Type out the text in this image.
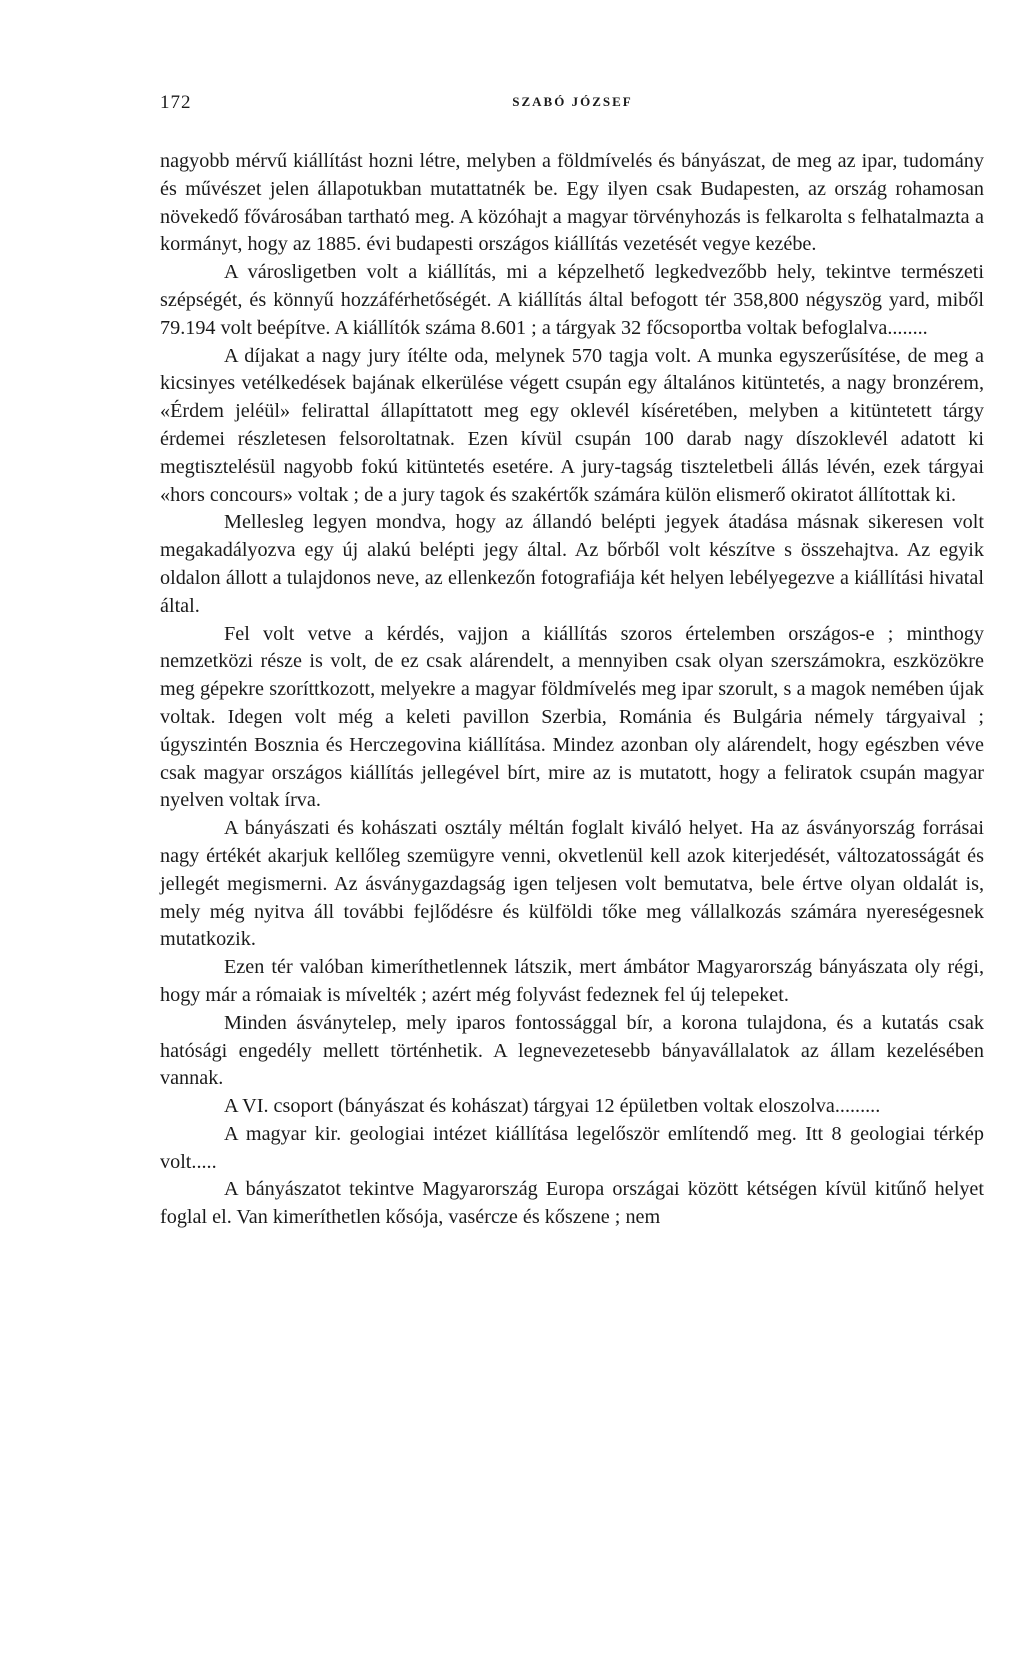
172	SZABÓ JÓZSEF

nagyobb mérvű kiállítást hozni létre, melyben a földmívelés és bányászat, de meg az ipar, tudomány és művészet jelen állapotukban mutattatnék be. Egy ilyen csak Budapesten, az ország rohamosan növekedő fővárosában tartható meg. A közóhajt a magyar törvényhozás is felkarolta s felhatalmazta a kormányt, hogy az 1885. évi budapesti országos kiállítás vezetését vegye kezébe.

A városligetben volt a kiállítás, mi a képzelhető legkedvezőbb hely, tekintve természeti szépségét, és könnyű hozzáférhetőségét. A kiállítás által befogott tér 358,800 négyszög yard, miből 79.194 volt beépítve. A kiállítók száma 8.601 ; a tárgyak 32 főcsoportba voltak befoglalva........

A díjakat a nagy jury ítélte oda, melynek 570 tagja volt. A munka egyszerűsítése, de meg a kicsinyes vetélkedések bajának elkerülése végett csupán egy általános kitüntetés, a nagy bronzérem, «Érdem jeléül» felirattal állapíttatott meg egy oklevél kíséretében, melyben a kitüntetett tárgy érdemei részletesen felsoroltatnak. Ezen kívül csupán 100 darab nagy díszoklevél adatott ki megtisztelésül nagyobb fokú kitüntetés esetére. A jury-tagság tiszteletbeli állás lévén, ezek tárgyai «hors concours» voltak ; de a jury tagok és szakértők számára külön elismerő okiratot állítottak ki.

Mellesleg legyen mondva, hogy az állandó belépti jegyek átadása másnak sikeresen volt megakadályozva egy új alakú belépti jegy által. Az bőrből volt készítve s összehajtva. Az egyik oldalon állott a tulajdonos neve, az ellenkezőn fotografiája két helyen lebélyegezve a kiállítási hivatal által.

Fel volt vetve a kérdés, vajjon a kiállítás szoros értelemben országos-e ; minthogy nemzetközi része is volt, de ez csak alárendelt, a mennyiben csak olyan szerszámokra, eszközökre meg gépekre szoríttkozott, melyekre a magyar földmívelés meg ipar szorult, s a magok nemében újak voltak. Idegen volt még a keleti pavillon Szerbia, Románia és Bulgária némely tárgyaival ; úgyszintén Bosznia és Herczegovina kiállítása. Mindez azonban oly alárendelt, hogy egészben véve csak magyar országos kiállítás jellegével bírt, mire az is mutatott, hogy a feliratok csupán magyar nyelven voltak írva.

A bányászati és kohászati osztály méltán foglalt kiváló helyet. Ha az ásványország forrásai nagy értékét akarjuk kellőleg szemügyre venni, okvetlenül kell azok kiterjedését, változatosságát és jellegét megismerni. Az ásványgazdagság igen teljesen volt bemutatva, bele értve olyan oldalát is, mely még nyitva áll további fejlődésre és külföldi tőke meg vállalkozás számára nyereségesnek mutatkozik.

Ezen tér valóban kimeríthetlennek látszik, mert ámbátor Magyarország bányászata oly régi, hogy már a rómaiak is mívelték ; azért még folyvást fedeznek fel új telepeket.

Minden ásványtelep, mely iparos fontossággal bír, a korona tulajdona, és a kutatás csak hatósági engedély mellett történhetik. A legnevezetesebb bányavállalatok az állam kezelésében vannak.

A VI. csoport (bányászat és kohászat) tárgyai 12 épületben voltak eloszolva.........

A magyar kir. geologiai intézet kiállítása legelőször említendő meg. Itt 8 geologiai térkép volt.....

A bányászatot tekintve Magyarország Europa országai között kétségen kívül kitűnő helyet foglal el. Van kimeríthetlen kősója, vasércze és kőszene ; nem
